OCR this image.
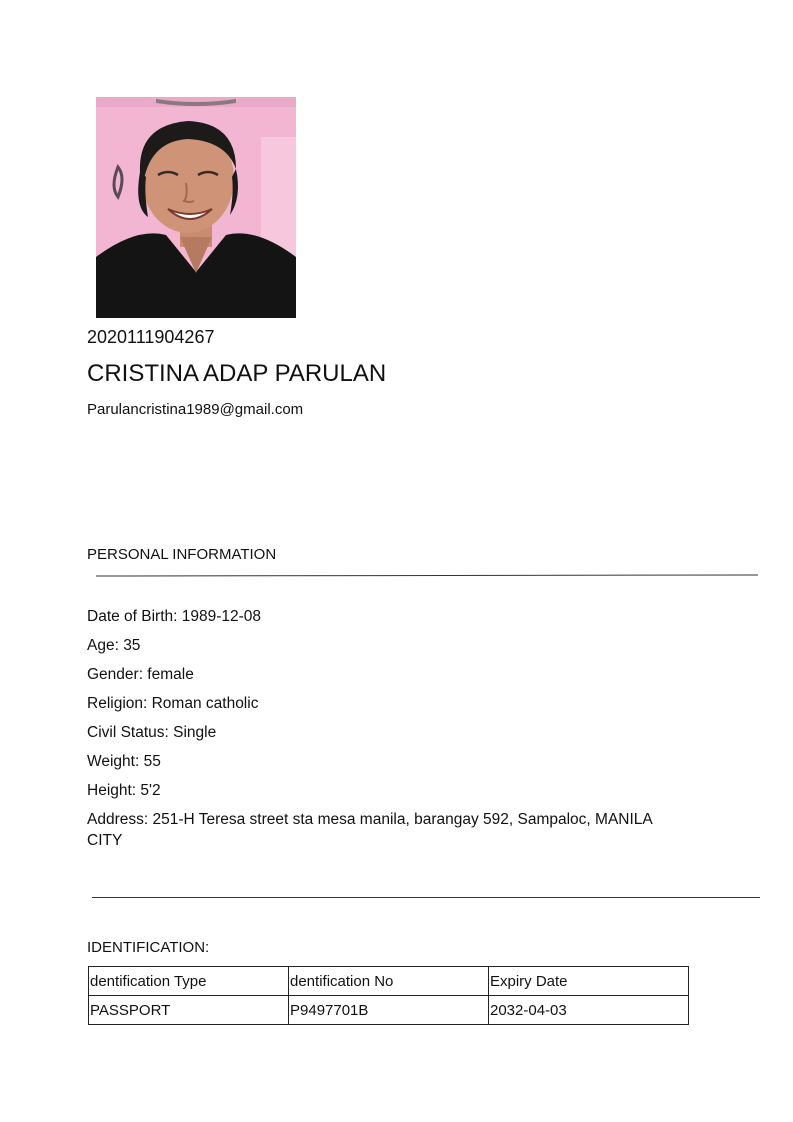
2020111904267
CRISTINA ADAP PARULAN
Parulancristina1989@gmail.com
PERSONAL INFORMATION
Date of Birth: 1989-12-08
Age: 35
Gender: female
Religion: Roman catholic
Civil Status: Single
Weight: 55
Height: 5'2
Address: 251-H Teresa street sta mesa manila, barangay 592, Sampaloc, MANILA CITY
IDENTIFICATION:
dentification Type	dentification No	Expiry Date
PASSPORT	P9497701B	2032-04-03
